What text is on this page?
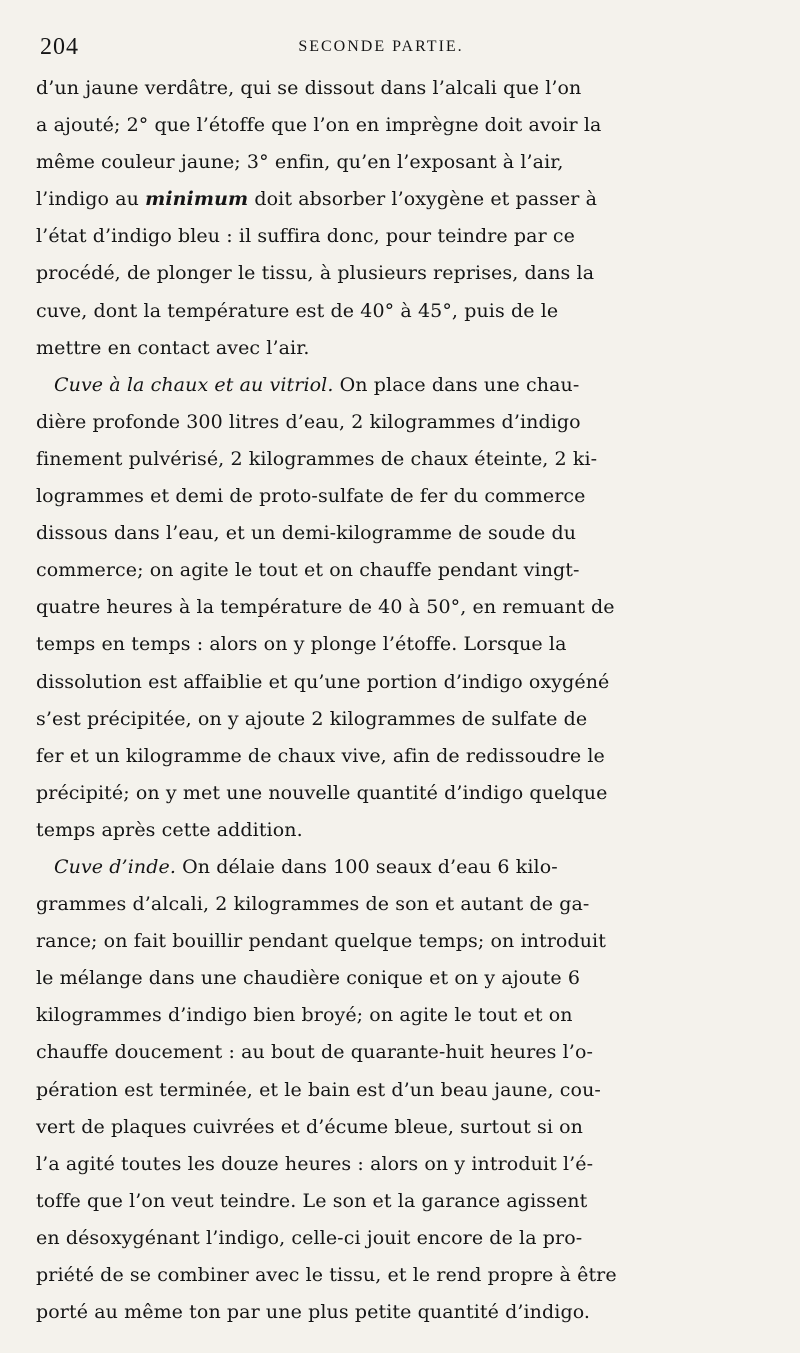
204	SECONDE PARTIE.
d’un jaune verdâtre, qui se dissout dans l’alcali que l’on
a ajouté; 2° que l’étoffe que l’on en imprègne doit avoir la
même couleur jaune; 3° enfin, qu’en l’exposant à l’air,
l’indigo au minimum doit absorber l’oxygène et passer à
l’état d’indigo bleu : il suffira donc, pour teindre par ce
procédé, de plonger le tissu, à plusieurs reprises, dans la
cuve, dont la température est de 40° à 45°, puis de le
mettre en contact avec l’air.
Cuve à la chaux et au vitriol. On place dans une chau-
dière profonde 300 litres d’eau, 2 kilogrammes d’indigo
finement pulvérisé, 2 kilogrammes de chaux éteinte, 2 ki-
logrammes et demi de proto-sulfate de fer du commerce
dissous dans l’eau, et un demi-kilogramme de soude du
commerce; on agite le tout et on chauffe pendant vingt-
quatre heures à la température de 40 à 50°, en remuant de
temps en temps : alors on y plonge l’étoffe. Lorsque la
dissolution est affaiblie et qu’une portion d’indigo oxygéné
s’est précipitée, on y ajoute 2 kilogrammes de sulfate de
fer et un kilogramme de chaux vive, afin de redissoudre le
précipité; on y met une nouvelle quantité d’indigo quelque
temps après cette addition.
Cuve d’inde. On délaie dans 100 seaux d’eau 6 kilo-
grammes d’alcali, 2 kilogrammes de son et autant de ga-
rance; on fait bouillir pendant quelque temps; on introduit
le mélange dans une chaudière conique et on y ajoute 6
kilogrammes d’indigo bien broyé; on agite le tout et on
chauffe doucement : au bout de quarante-huit heures l’o-
pération est terminée, et le bain est d’un beau jaune, cou-
vert de plaques cuivrées et d’écume bleue, surtout si on
l’a agité toutes les douze heures : alors on y introduit l’é-
toffe que l’on veut teindre. Le son et la garance agissent
en désoxygénant l’indigo, celle-ci jouit encore de la pro-
priété de se combiner avec le tissu, et le rend propre à être
porté au même ton par une plus petite quantité d’indigo.
